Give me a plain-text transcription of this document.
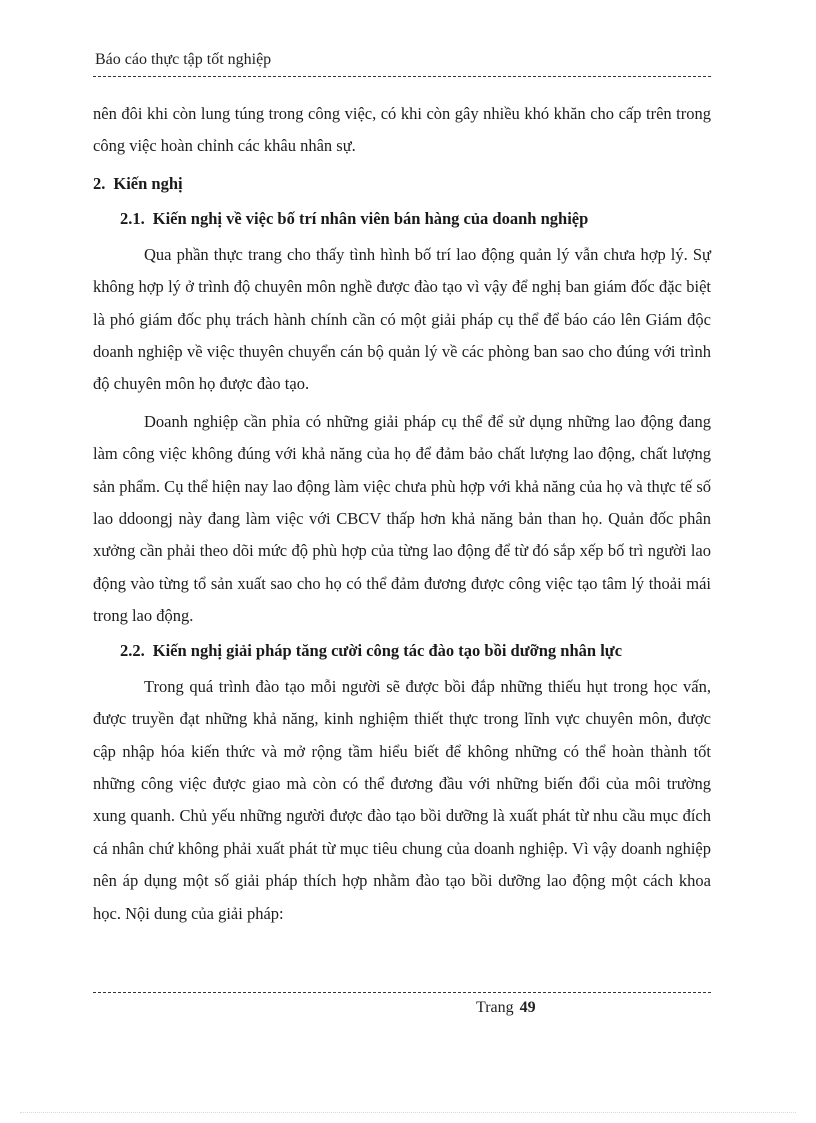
Báo cáo thực tập tốt nghiệp

nên đôi khi còn lung túng trong công việc, có khi còn gây nhiều khó khăn cho cấp trên trong công việc hoàn chỉnh các khâu nhân sự.

2. Kiến nghị
2.1. Kiến nghị về việc bố trí nhân viên bán hàng của doanh nghiệp

Qua phần thực trang cho thấy tình hình bố trí lao động quản lý vẫn chưa hợp lý. Sự không hợp lý ở trình độ chuyên môn nghề được đào tạo vì vậy để nghị ban giám đốc đặc biệt là phó giám đốc phụ trách hành chính cần có một giải pháp cụ thể để báo cáo lên Giám độc doanh nghiệp về việc thuyên chuyển cán bộ quản lý về các phòng ban sao cho đúng với trình độ chuyên môn họ được đào tạo.

Doanh nghiệp cần phỉa có những giải pháp cụ thể để sử dụng những lao động đang làm công việc không đúng với khả năng của họ để đảm bảo chất lượng lao động, chất lượng sản phẩm. Cụ thể hiện nay lao động làm việc chưa phù hợp với khả năng của họ và thực tế số lao ddoongj này đang làm việc với CBCV thấp hơn khả năng bản than họ. Quản đốc phân xưởng cần phải theo dõi mức độ phù hợp của từng lao động để từ đó sắp xếp bố trì người lao động vào từng tổ sản xuất sao cho họ có thể đảm đương được công việc tạo tâm lý thoải mái trong lao động.

2.2. Kiến nghị giải pháp tăng cười công tác đào tạo bồi dưỡng nhân lực

Trong quá trình đào tạo mỗi người sẽ được bồi đắp những thiếu hụt trong học vấn, được truyền đạt những khả năng, kinh nghiệm thiết thực trong lĩnh vực chuyên môn, được cập nhập hóa kiến thức và mở rộng tầm hiểu biết để không những có thể hoàn thành tốt những công việc được giao mà còn có thể đương đầu với những biến đổi của môi trường xung quanh. Chủ yếu những người được đào tạo bồi dưỡng là xuất phát từ nhu cầu mục đích cá nhân chứ không phải xuất phát từ mục tiêu chung của doanh nghiệp. Vì vậy doanh nghiệp nên áp dụng một số giải pháp thích hợp nhằm đào tạo bồi dưỡng lao động một cách khoa học. Nội dung của giải pháp:

Trang 49
